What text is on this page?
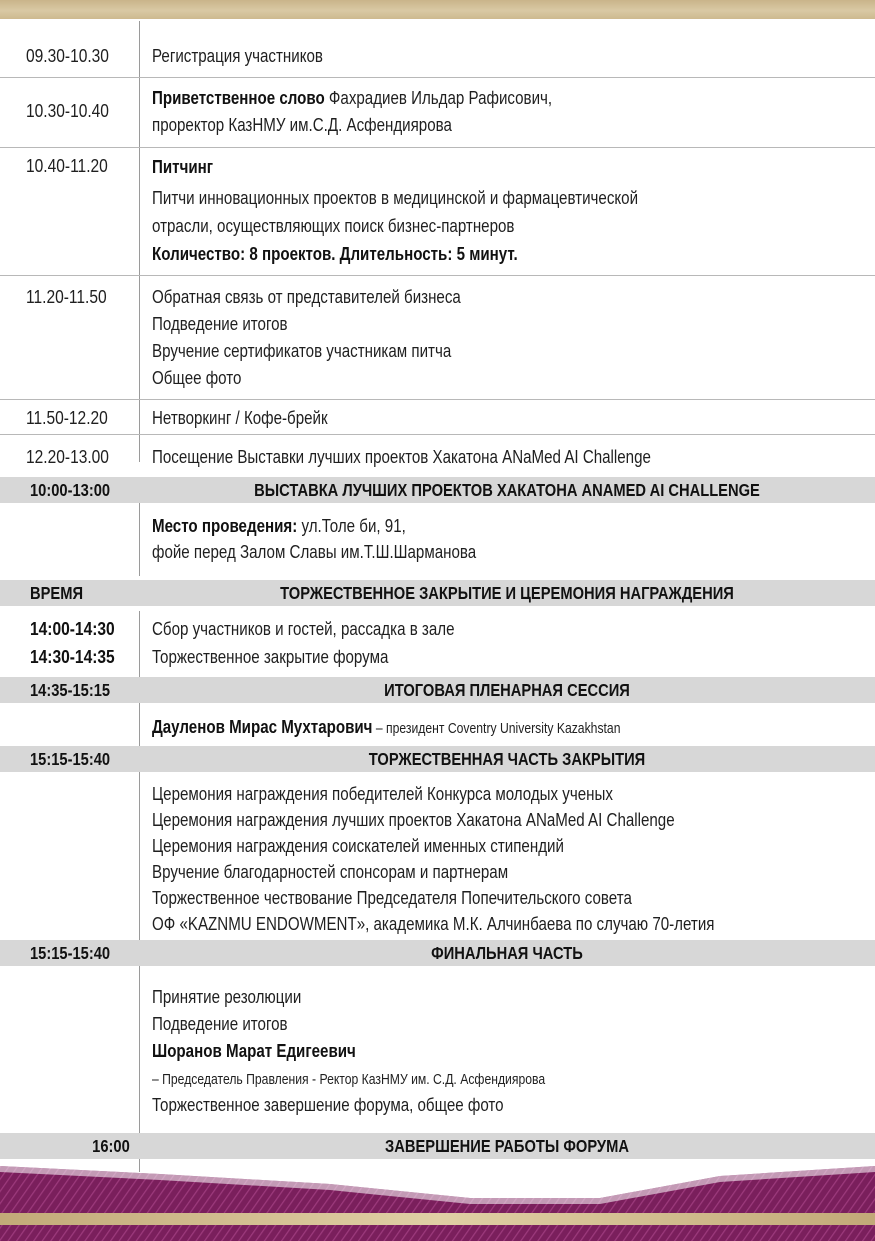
09.30-10.30 Регистрация участников
10.30-10.40
Приветственное слово Фахрадиев Ильдар Рафисович,
проректор КазНМУ им.С.Д. Асфендиярова
10.40-11.20 Питчинг
Питчи инновационных проектов в медицинской и фармацевтической
отрасли, осуществляющих поиск бизнес-партнеров
Количество: 8 проектов. Длительность: 5 минут.
11.20-11.50	Обратная связь от представителей бизнеса
Подведение итогов
Вручение сертификатов участникам питча
Общее фото
11.50-12.20 Нетворкинг / Кофе-брейк
12.20-13.00 Посещение Выставки лучших проектов Хакатона ANaMed AI Challenge
10:00-13:00	ВЫСТАВКА ЛУЧШИХ ПРОЕКТОВ ХАКАТОНА ANAMED AI CHALLENGE
Место проведения: ул.Толе би, 91,
фойе перед Залом Славы им.Т.Ш.Шарманова
ВРЕМЯ	ТОРЖЕСТВЕННОЕ ЗАКРЫТИЕ И ЦЕРЕМОНИЯ НАГРАЖДЕНИЯ
14:00-14:30 Сбор участников и гостей, рассадка в зале
14:30-14:35 Торжественное закрытие форума
14:35-15:15	ИТОГОВАЯ ПЛЕНАРНАЯ СЕССИЯ
Дауленов Мирас Мухтарович – президент Coventry University Kazakhstan
15:15-15:40	ТОРЖЕСТВЕННАЯ ЧАСТЬ ЗАКРЫТИЯ
Церемония награждения победителей Конкурса молодых ученых
Церемония награждения лучших проектов Хакатона ANaMed AI Challenge
Церемония награждения соискателей именных стипендий
Вручение благодарностей спонсорам и партнерам
Торжественное чествование Председателя Попечительского совета
ОФ «KAZNMU ENDOWMENT», академика М.К. Алчинбаева по случаю 70-летия
15:15-15:40	ФИНАЛЬНАЯ ЧАСТЬ
Принятие резолюции
Подведение итогов
Шоранов Марат Едигеевич
– Председатель Правления - Ректор КазНМУ им. С.Д. Асфендиярова
Торжественное завершение форума, общее фото
16:00	ЗАВЕРШЕНИЕ РАБОТЫ ФОРУМА
